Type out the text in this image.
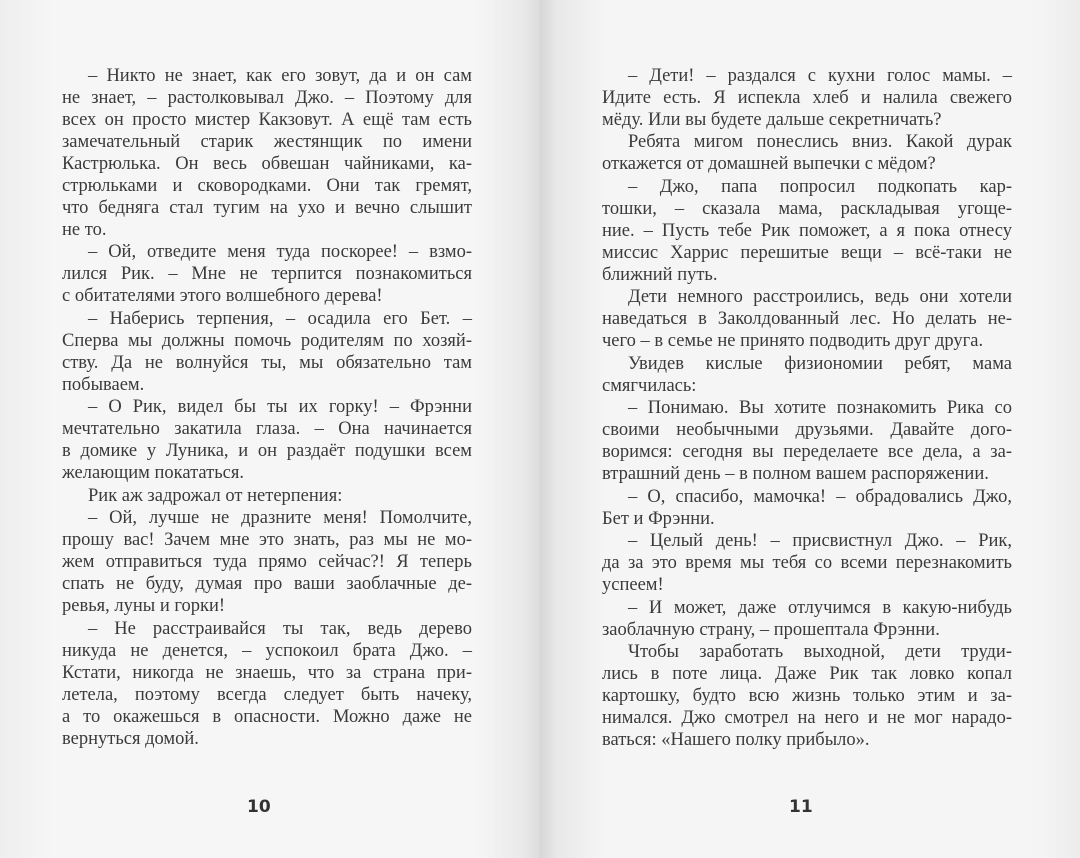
– Никто не знает, как его зовут, да и он сам
не знает, – растолковывал Джо. – Поэтому для
всех он просто мистер Какзовут. А ещё там есть
замечательный старик жестянщик по имени
Кастрюлька. Он весь обвешан чайниками, ка-
стрюльками и сковородками. Они так гремят,
что бедняга стал тугим на ухо и вечно слышит
не то.
– Ой, отведите меня туда поскорее! – взмо-
лился Рик. – Мне не терпится познакомиться
с обитателями этого волшебного дерева!
– Наберись терпения, – осадила его Бет. –
Сперва мы должны помочь родителям по хозяй-
ству. Да не волнуйся ты, мы обязательно там
побываем.
– О Рик, видел бы ты их горку! – Фрэнни
мечтательно закатила глаза. – Она начинается
в домике у Луника, и он раздаёт подушки всем
желающим покататься.
Рик аж задрожал от нетерпения:
– Ой, лучше не дразните меня! Помолчите,
прошу вас! Зачем мне это знать, раз мы не мо-
жем отправиться туда прямо сейчас?! Я теперь
спать не буду, думая про ваши заоблачные де-
ревья, луны и горки!
– Не расстраивайся ты так, ведь дерево
никуда не денется, – успокоил брата Джо. –
Кстати, никогда не знаешь, что за страна при-
летела, поэтому всегда следует быть начеку,
а то окажешься в опасности. Можно даже не
вернуться домой.
10
– Дети! – раздался с кухни голос мамы. –
Идите есть. Я испекла хлеб и налила свежего
мёду. Или вы будете дальше секретничать?
Ребята мигом понеслись вниз. Какой дурак
откажется от домашней выпечки с мёдом?
– Джо, папа попросил подкопать кар-
тошки, – сказала мама, раскладывая угоще-
ние. – Пусть тебе Рик поможет, а я пока отнесу
миссис Харрис перешитые вещи – всё-таки не
ближний путь.
Дети немного расстроились, ведь они хотели
наведаться в Заколдованный лес. Но делать не-
чего – в семье не принято подводить друг друга.
Увидев кислые физиономии ребят, мама
смягчилась:
– Понимаю. Вы хотите познакомить Рика со
своими необычными друзьями. Давайте дого-
воримся: сегодня вы переделаете все дела, а за-
втрашний день – в полном вашем распоряжении.
– О, спасибо, мамочка! – обрадовались Джо,
Бет и Фрэнни.
– Целый день! – присвистнул Джо. – Рик,
да за это время мы тебя со всеми перезнакомить
успеем!
– И может, даже отлучимся в какую-нибудь
заоблачную страну, – прошептала Фрэнни.
Чтобы заработать выходной, дети труди-
лись в поте лица. Даже Рик так ловко копал
картошку, будто всю жизнь только этим и за-
нимался. Джо смотрел на него и не мог нарадо-
ваться: «Нашего полку прибыло».
11
